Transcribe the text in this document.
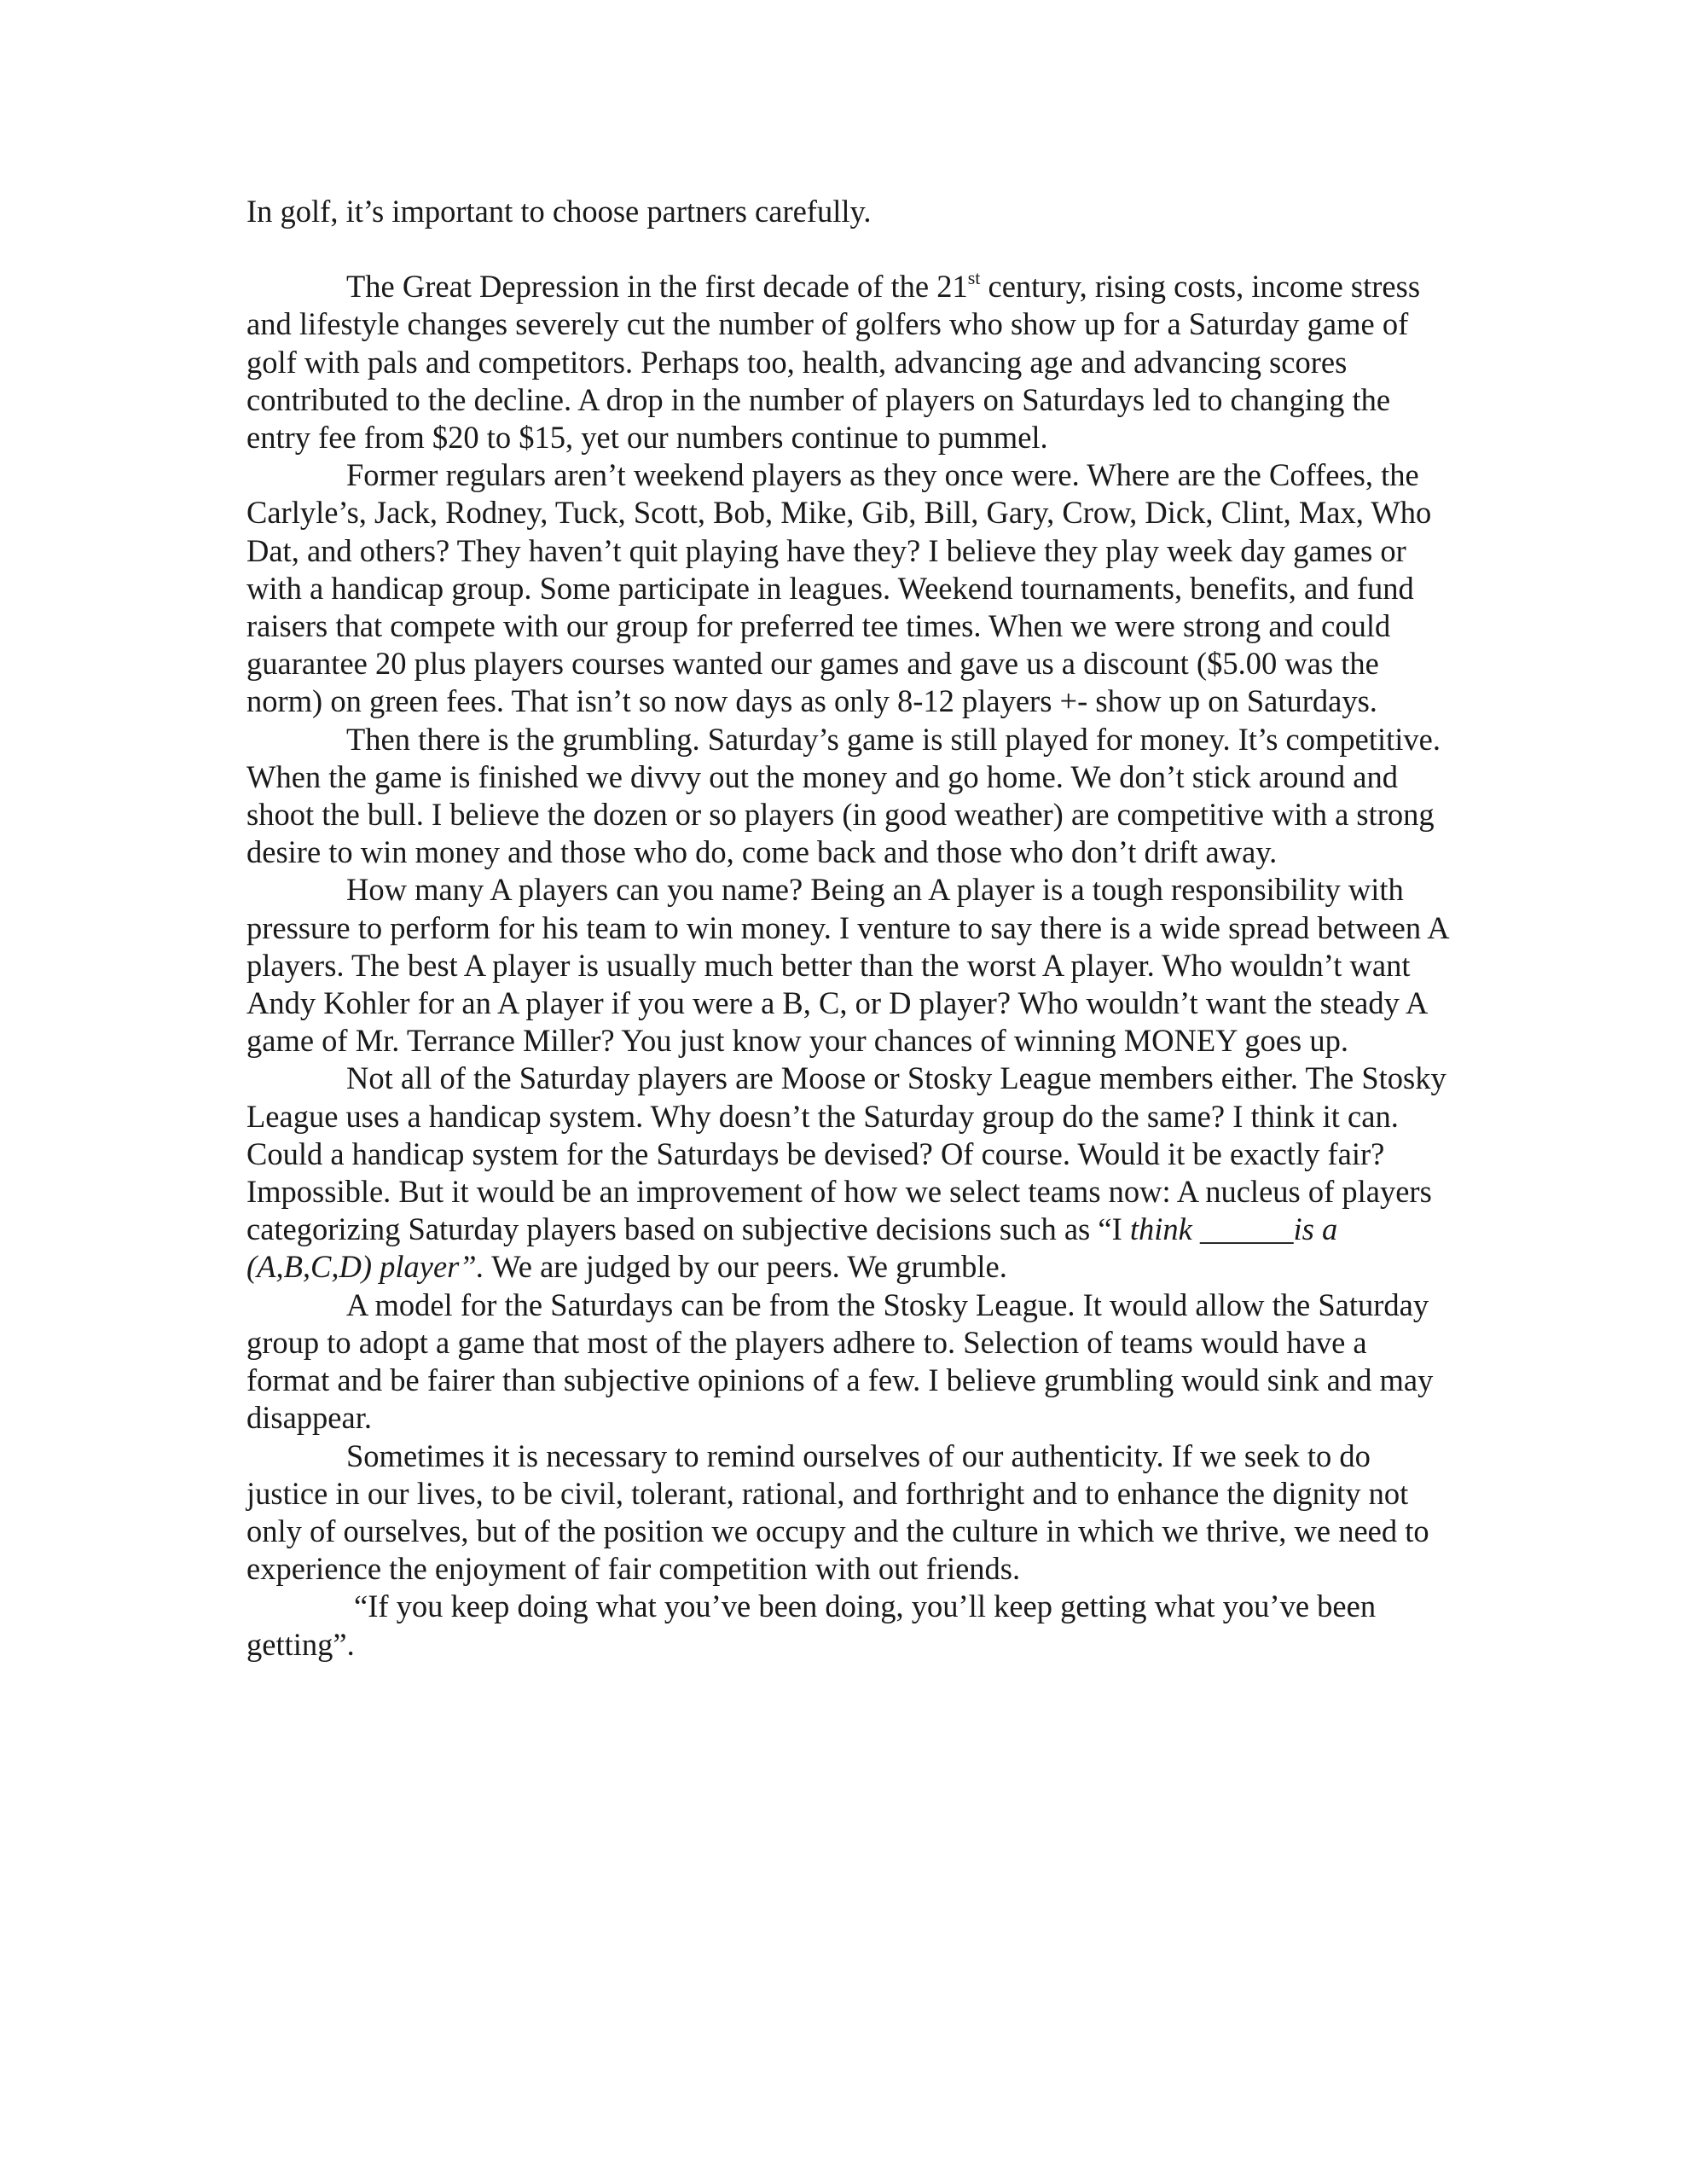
In golf, it’s important to choose partners carefully.

The Great Depression in the first decade of the 21st century, rising costs, income stress and lifestyle changes severely cut the number of golfers who show up for a Saturday game of golf with pals and competitors. Perhaps too, health, advancing age and advancing scores contributed to the decline. A drop in the number of players on Saturdays led to changing the entry fee from $20 to $15, yet our numbers continue to pummel.

Former regulars aren’t weekend players as they once were. Where are the Coffees, the Carlyle’s, Jack, Rodney, Tuck, Scott, Bob, Mike, Gib, Bill, Gary, Crow, Dick, Clint, Max, Who Dat, and others? They haven’t quit playing have they? I believe they play week day games or with a handicap group. Some participate in leagues. Weekend tournaments, benefits, and fund raisers that compete with our group for preferred tee times. When we were strong and could guarantee 20 plus players courses wanted our games and gave us a discount ($5.00 was the norm) on green fees. That isn’t so now days as only 8-12 players +- show up on Saturdays.

Then there is the grumbling. Saturday’s game is still played for money. It’s competitive. When the game is finished we divvy out the money and go home. We don’t stick around and shoot the bull. I believe the dozen or so players (in good weather) are competitive with a strong desire to win money and those who do, come back and those who don’t drift away.

How many A players can you name? Being an A player is a tough responsibility with pressure to perform for his team to win money. I venture to say there is a wide spread between A players. The best A player is usually much better than the worst A player. Who wouldn’t want Andy Kohler for an A player if you were a B, C, or D player? Who wouldn’t want the steady A game of Mr. Terrance Miller? You just know your chances of winning MONEY goes up.

Not all of the Saturday players are Moose or Stosky League members either. The Stosky League uses a handicap system. Why doesn’t the Saturday group do the same? I think it can. Could a handicap system for the Saturdays be devised? Of course. Would it be exactly fair? Impossible. But it would be an improvement of how we select teams now: A nucleus of players categorizing Saturday players based on subjective decisions such as “I think ______is a (A,B,C,D) player”. We are judged by our peers. We grumble.

A model for the Saturdays can be from the Stosky League. It would allow the Saturday group to adopt a game that most of the players adhere to. Selection of teams would have a format and be fairer than subjective opinions of a few. I believe grumbling would sink and may disappear.

Sometimes it is necessary to remind ourselves of our authenticity. If we seek to do justice in our lives, to be civil, tolerant, rational, and forthright and to enhance the dignity not only of ourselves, but of the position we occupy and the culture in which we thrive, we need to experience the enjoyment of fair competition with out friends.

“If you keep doing what you’ve been doing, you’ll keep getting what you’ve been getting”.
